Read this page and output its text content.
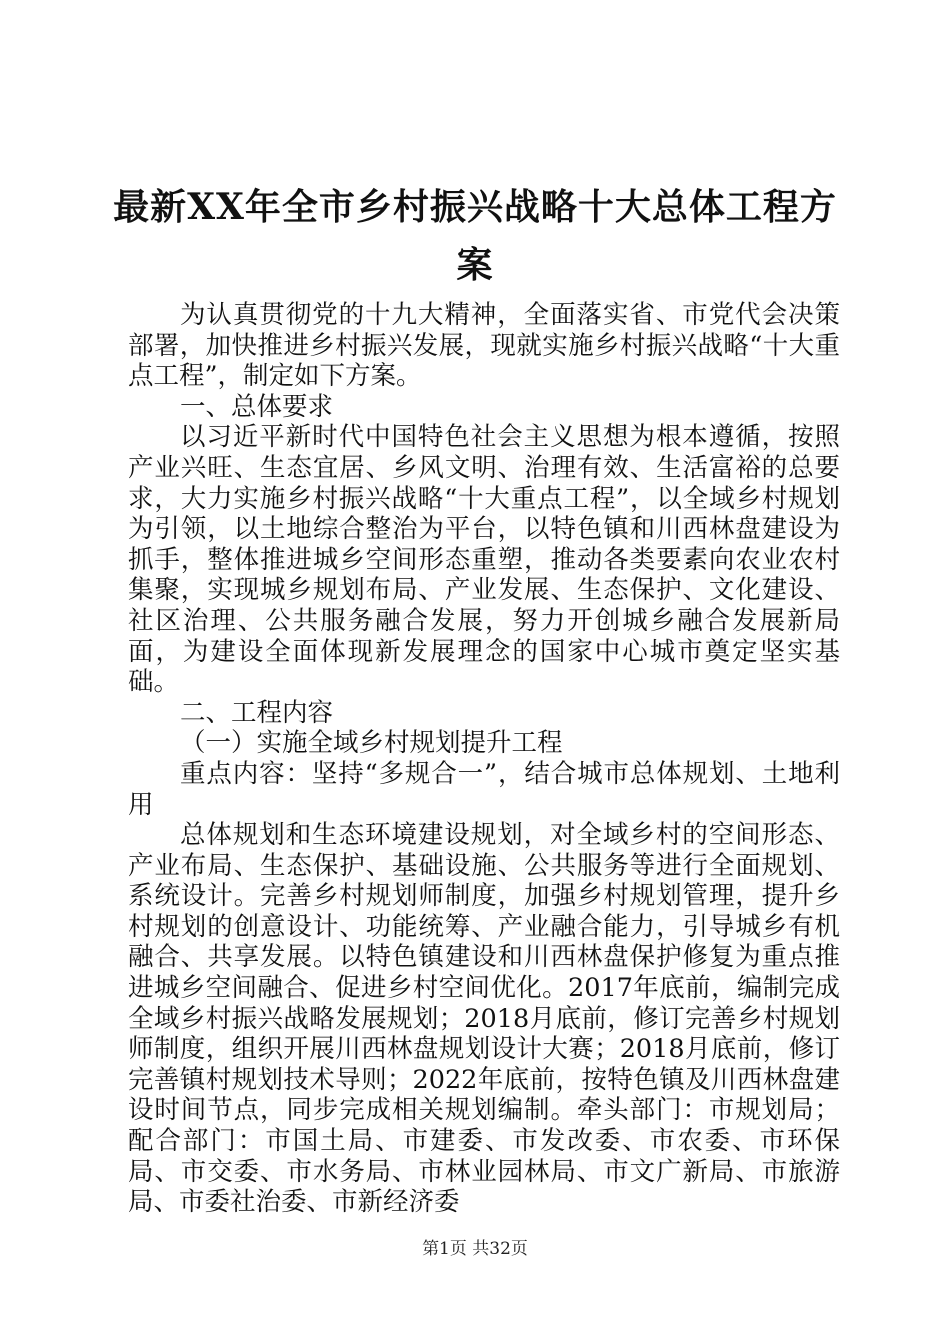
最新XX年全市乡村振兴战略十大总体工程方案

为认真贯彻党的十九大精神，全面落实省、市党代会决策部署，加快推进乡村振兴发展，现就实施乡村振兴战略“十大重点工程”，制定如下方案。

一、总体要求

以习近平新时代中国特色社会主义思想为根本遵循，按照产业兴旺、生态宜居、乡风文明、治理有效、生活富裕的总要求，大力实施乡村振兴战略“十大重点工程”，以全域乡村规划为引领，以土地综合整治为平台，以特色镇和川西林盘建设为抓手，整体推进城乡空间形态重塑，推动各类要素向农业农村集聚，实现城乡规划布局、产业发展、生态保护、文化建设、社区治理、公共服务融合发展，努力开创城乡融合发展新局面，为建设全面体现新发展理念的国家中心城市奠定坚实基础。

二、工程内容

（一）实施全域乡村规划提升工程

重点内容：坚持“多规合一”，结合城市总体规划、土地利用

总体规划和生态环境建设规划，对全域乡村的空间形态、产业布局、生态保护、基础设施、公共服务等进行全面规划、系统设计。完善乡村规划师制度，加强乡村规划管理，提升乡村规划的创意设计、功能统筹、产业融合能力，引导城乡有机融合、共享发展。以特色镇建设和川西林盘保护修复为重点推进城乡空间融合、促进乡村空间优化。2017年底前，编制完成全域乡村振兴战略发展规划；2018月底前，修订完善乡村规划师制度，组织开展川西林盘规划设计大赛；2018月底前，修订完善镇村规划技术导则；2022年底前，按特色镇及川西林盘建设时间节点，同步完成相关规划编制。牵头部门：市规划局；配合部门：市国土局、市建委、市发改委、市农委、市环保局、市交委、市水务局、市林业园林局、市文广新局、市旅游局、市委社治委、市新经济委

第1页 共32页
